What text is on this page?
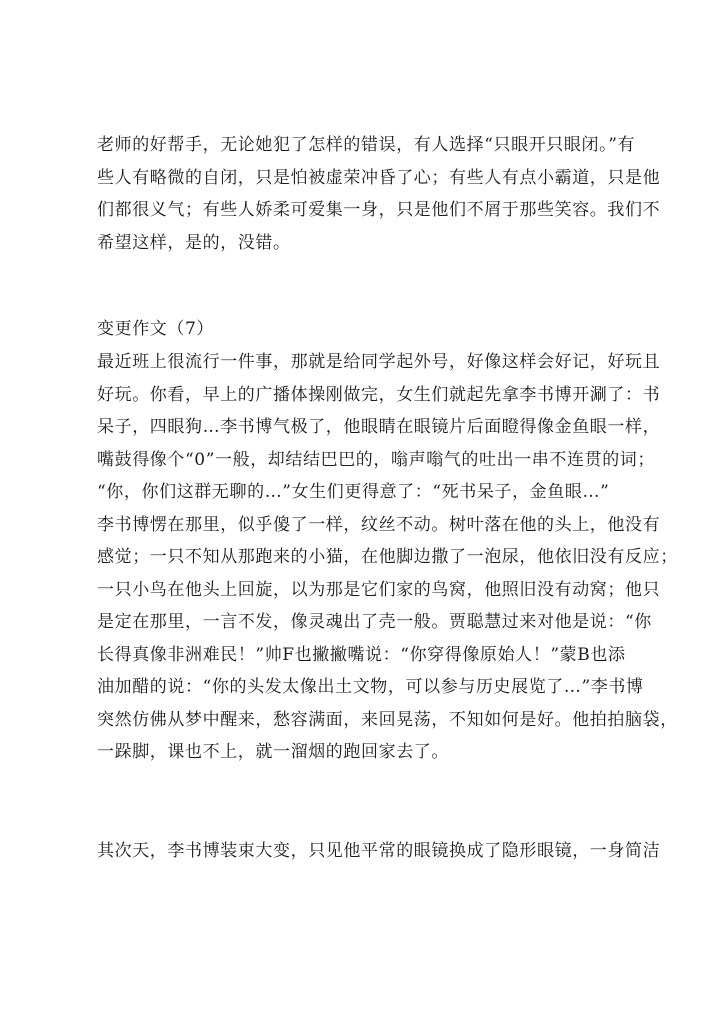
老师的好帮手，无论她犯了怎样的错误，有人选择“只眼开只眼闭。”有
些人有略微的自闭，只是怕被虚荣冲昏了心；有些人有点小霸道，只是他
们都很义气；有些人娇柔可爱集一身，只是他们不屑于那些笑容。我们不
希望这样，是的，没错。

变更作文（7）

最近班上很流行一件事，那就是给同学起外号，好像这样会好记，好玩且
好玩。你看，早上的广播体操刚做完，女生们就起先拿李书博开涮了：书
呆子，四眼狗…李书博气极了，他眼睛在眼镜片后面瞪得像金鱼眼一样，
嘴鼓得像个“0”一般，却结结巴巴的，嗡声嗡气的吐出一串不连贯的词；
“你，你们这群无聊的…”女生们更得意了：“死书呆子，金鱼眼…”
李书博愣在那里，似乎傻了一样，纹丝不动。树叶落在他的头上，他没有
感觉；一只不知从那跑来的小猫，在他脚边撒了一泡尿，他依旧没有反应；
一只小鸟在他头上回旋，以为那是它们家的鸟窝，他照旧没有动窝；他只
是定在那里，一言不发，像灵魂出了壳一般。贾聪慧过来对他是说：“你
长得真像非洲难民！”帅F也撇撇嘴说：“你穿得像原始人！”蒙B也添
油加醋的说：“你的头发太像出土文物，可以参与历史展览了…”李书博
突然仿佛从梦中醒来，愁容满面，来回晃荡，不知如何是好。他拍拍脑袋，
一跺脚，课也不上，就一溜烟的跑回家去了。

其次天，李书博装束大变，只见他平常的眼镜换成了隐形眼镜，一身简洁
